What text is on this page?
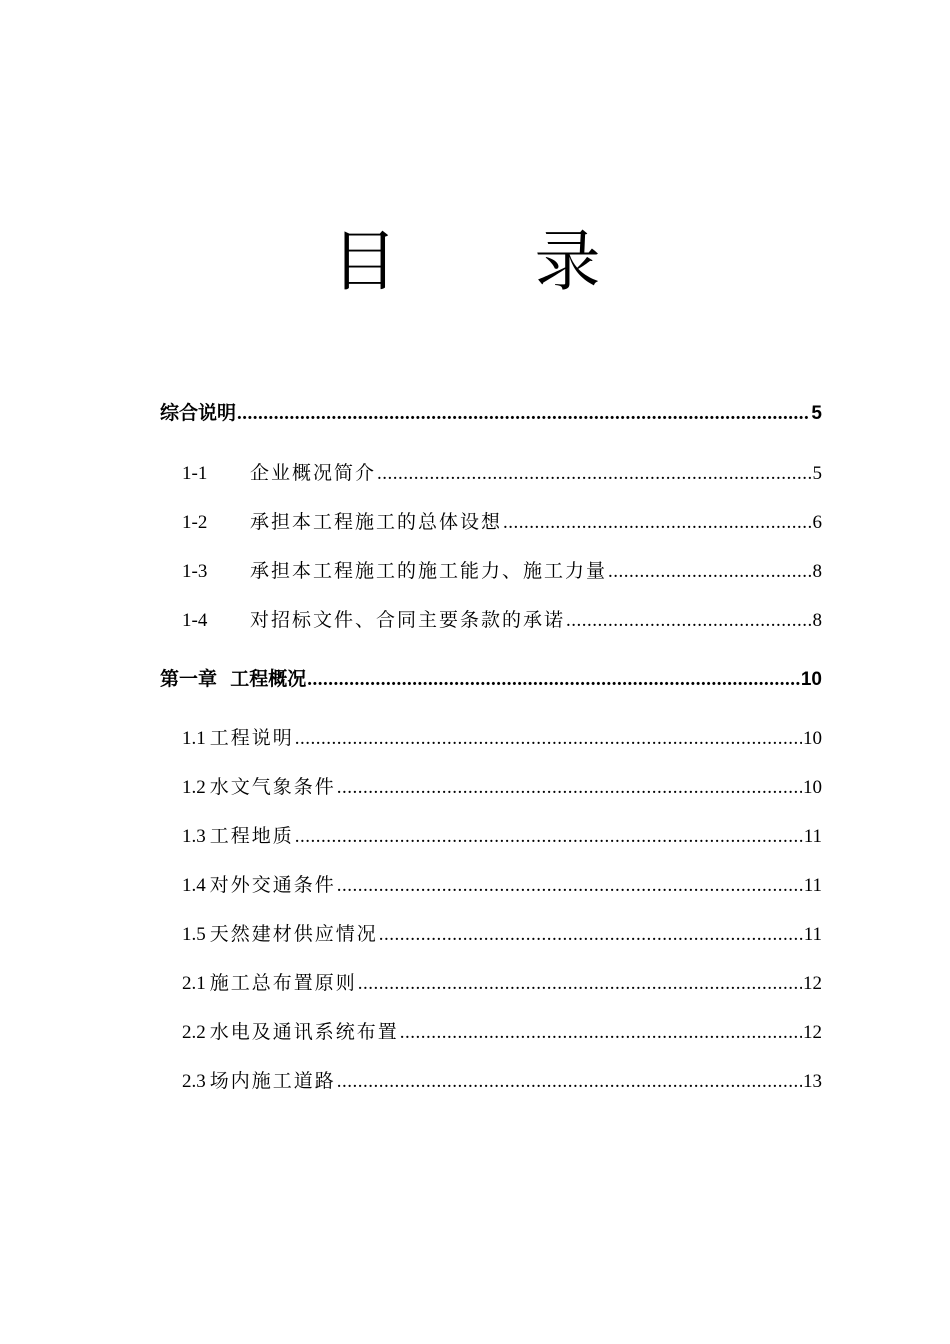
目 录
综合说明 .....	5
1-1	企业概况简介 .....	5
1-2	承担本工程施工的总体设想 .....	6
1-3	承担本工程施工的施工能力、施工力量 .....	8
1-4	对招标文件、合同主要条款的承诺 .....	8
第一章  工程概况 .....	10
1.1 工程说明 .....	10
1.2 水文气象条件 .....	10
1.3 工程地质 .....	11
1.4 对外交通条件 .....	11
1.5 天然建材供应情况 .....	11
2.1 施工总布置原则 .....	12
2.2 水电及通讯系统布置 .....	12
2.3 场内施工道路 .....	13
